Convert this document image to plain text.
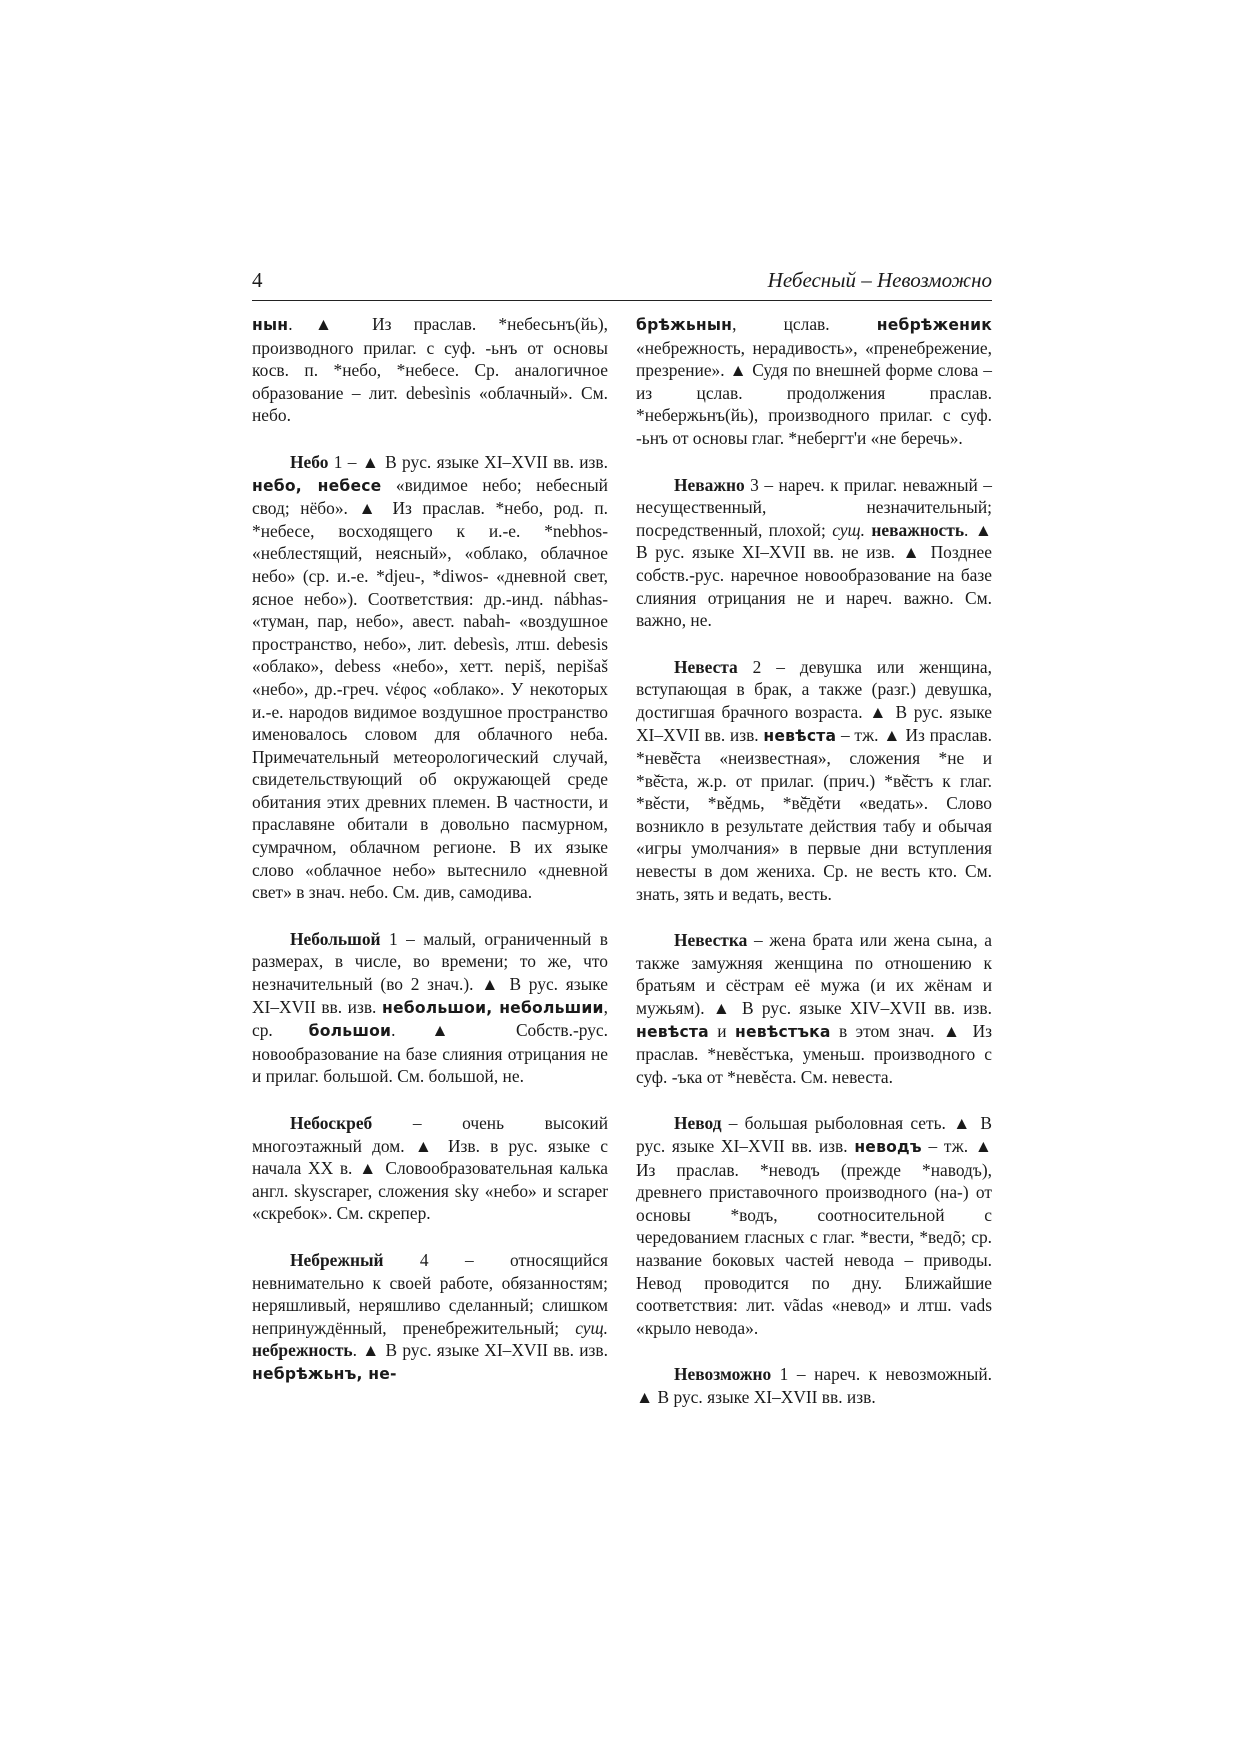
4	Небесный – Невозможно

нын. ▲ Из праслав. *небесьнъ(йь), производного прилаг. с суф. -ьнъ от основы косв. п. *небо, *небесе. Ср. аналогичное образование – лит. debesìnis «облачный». См. небо.

Небо 1 – ▲ В рус. языке XI–XVII вв. изв. небо, небесе «видимое небо; небесный свод; нёбо». ▲ Из праслав. *небо, род. п. *небесе, восходящего к и.-е. *nebhos- «неблестящий, неясный», «облако, облачное небо» (ср. и.-е. *djeu-, *diwos- «дневной свет, ясное небо»). Соответствия: др.-инд. nábhas- «туман, пар, небо», авест. nabah- «воздушное пространство, небо», лит. debesìs, лтш. debesis «облако», debess «небо», хетт. nepiš, nepišaš «небо», др.-греч. νέφος «облако». У некоторых и.-е. народов видимое воздушное пространство именовалось словом для облачного неба. Примечательный метеорологический случай, свидетельствующий об окружающей среде обитания этих древних племен. В частности, и праславяне обитали в довольно пасмурном, сумрачном, облачном регионе. В их языке слово «облачное небо» вытеснило «дневной свет» в знач. небо. См. див, самодива.

Небольшой 1 – малый, ограниченный в размерах, в числе, во времени; то же, что незначительный (во 2 знач.). ▲ В рус. языке XI–XVII вв. изв. небольшои, небольшии, ср. большои. ▲ Собств.-рус. новообразование на базе слияния отрицания не и прилаг. большой. См. большой, не.

Небоскреб – очень высокий многоэтажный дом. ▲ Изв. в рус. языке с начала XX в. ▲ Словообразовательная калька англ. skyscraper, сложения sky «небо» и scraper «скребок». См. скрепер.

Небрежный 4 – относящийся невнимательно к своей работе, обязанностям; неряшливый, неряшливо сделанный; слишком непринуждённый, пренебрежительный; сущ. небрежность. ▲ В рус. языке XI–XVII вв. изв. небрѣжьнъ, не-

брѣжьнын, цслав. небрѣженик «небрежность, нерадивость», «пренебрежение, презрение». ▲ Судя по внешней форме слова – из цслав. продолжения праслав. *небержьнъ(йь), производного прилаг. с суф. -ьнъ от основы глаг. *небергт'и «не беречь».

Неважно 3 – нареч. к прилаг. неважный – несущественный, незначительный; посредственный, плохой; сущ. неважность. ▲ В рус. языке XI–XVII вв. не изв. ▲ Позднее собств.-рус. наречное новообразование на базе слияния отрицания не и нареч. важно. См. важно, не.

Невеста 2 – девушка или женщина, вступающая в брак, а также (разг.) девушка, достигшая брачного возраста. ▲ В рус. языке XI–XVII вв. изв. невѣста – тж. ▲ Из праслав. *невě̄ста «неизвестная», сложения *не и *вě̄ста, ж.р. от прилаг. (прич.) *вě̄стъ к глаг. *вěсти, *вěдмь, *вě̄дěти «ведать». Слово возникло в результате действия табу и обычая «игры умолчания» в первые дни вступления невесты в дом жениха. Ср. не весть кто. См. знать, зять и ведать, весть.

Невестка – жена брата или жена сына, а также замужняя женщина по отношению к братьям и сёстрам её мужа (и их жёнам и мужьям). ▲ В рус. языке XIV–XVII вв. изв. невѣста и невѣстъка в этом знач. ▲ Из праслав. *невěстъка, уменьш. производного с суф. -ъка от *невěста. См. невеста.

Невод – большая рыболовная сеть. ▲ В рус. языке XI–XVII вв. изв. неводъ – тж. ▲ Из праслав. *неводъ (прежде *наводъ), древнего приставочного производного (на-) от основы *водъ, соотносительной с чередованием гласных с глаг. *вести, *ведõ; ср. название боковых частей невода – приводы. Невод проводится по дну. Ближайшие соответствия: лит. vãdas «невод» и лтш. vads «крыло невода».

Невозможно 1 – нареч. к невозможный. ▲ В рус. языке XI–XVII вв. изв.
